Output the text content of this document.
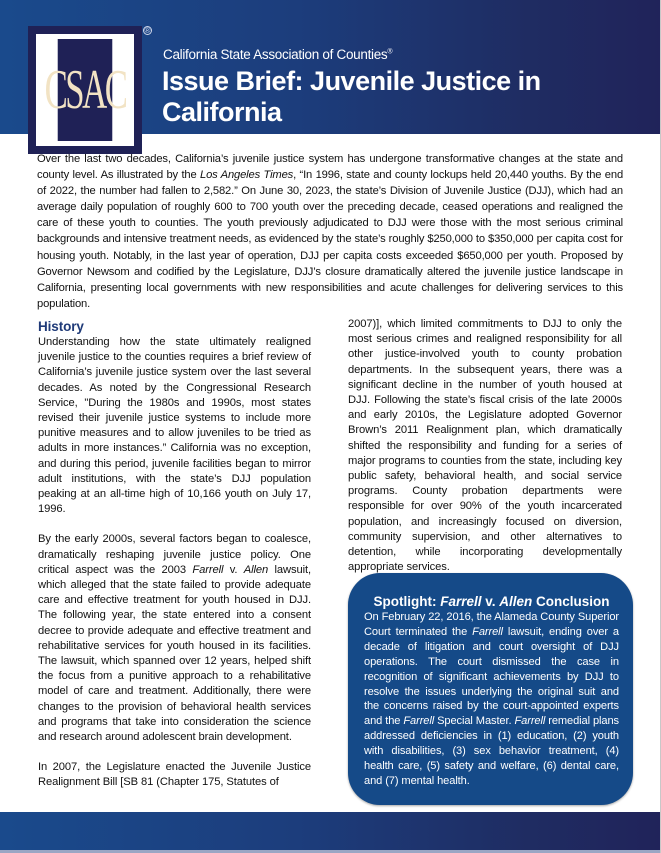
CSAC
®
California State Association of Counties®
Issue Brief: Juvenile Justice in California

Over the last two decades, California’s juvenile justice system has undergone transformative changes at the state and county level. As illustrated by the Los Angeles Times, “In 1996, state and county lockups held 20,440 youths. By the end of 2022, the number had fallen to 2,582.” On June 30, 2023, the state’s Division of Juvenile Justice (DJJ), which had an average daily population of roughly 600 to 700 youth over the preceding decade, ceased operations and realigned the care of these youth to counties. The youth previously adjudicated to DJJ were those with the most serious criminal backgrounds and intensive treatment needs, as evidenced by the state’s roughly $250,000 to $350,000 per capita cost for housing youth. Notably, in the last year of operation, DJJ per capita costs exceeded $650,000 per youth. Proposed by Governor Newsom and codified by the Legislature, DJJ’s closure dramatically altered the juvenile justice landscape in California, presenting local governments with new responsibilities and acute challenges for delivering services to this population.

History

Understanding how the state ultimately realigned juvenile justice to the counties requires a brief review of California’s juvenile justice system over the last several decades. As noted by the Congressional Research Service, "During the 1980s and 1990s, most states revised their juvenile justice systems to include more punitive measures and to allow juveniles to be tried as adults in more instances.” California was no exception, and during this period, juvenile facilities began to mirror adult institutions, with the state’s DJJ population peaking at an all-time high of 10,166 youth on July 17, 1996.

By the early 2000s, several factors began to coalesce, dramatically reshaping juvenile justice policy. One critical aspect was the 2003 Farrell v. Allen lawsuit, which alleged that the state failed to provide adequate care and effective treatment for youth housed in DJJ. The following year, the state entered into a consent decree to provide adequate and effective treatment and rehabilitative services for youth housed in its facilities. The lawsuit, which spanned over 12 years, helped shift the focus from a punitive approach to a rehabilitative model of care and treatment. Additionally, there were changes to the provision of behavioral health services and programs that take into consideration the science and research around adolescent brain development.

In 2007, the Legislature enacted the Juvenile Justice Realignment Bill [SB 81 (Chapter 175, Statutes of

2007)], which limited commitments to DJJ to only the most serious crimes and realigned responsibility for all other justice-involved youth to county probation departments. In the subsequent years, there was a significant decline in the number of youth housed at DJJ. Following the state’s fiscal crisis of the late 2000s and early 2010s, the Legislature adopted Governor Brown’s 2011 Realignment plan, which dramatically shifted the responsibility and funding for a series of major programs to counties from the state, including key public safety, behavioral health, and social service programs. County probation departments were responsible for over 90% of the youth incarcerated population, and increasingly focused on diversion, community supervision, and other alternatives to detention, while incorporating developmentally appropriate services.

Spotlight: Farrell v. Allen Conclusion

On February 22, 2016, the Alameda County Superior Court terminated the Farrell lawsuit, ending over a decade of litigation and court oversight of DJJ operations. The court dismissed the case in recognition of significant achievements by DJJ to resolve the issues underlying the original suit and the concerns raised by the court-appointed experts and the Farrell Special Master. Farrell remedial plans addressed deficiencies in (1) education, (2) youth with disabilities, (3) sex behavior treatment, (4) health care, (5) safety and welfare, (6) dental care, and (7) mental health.
